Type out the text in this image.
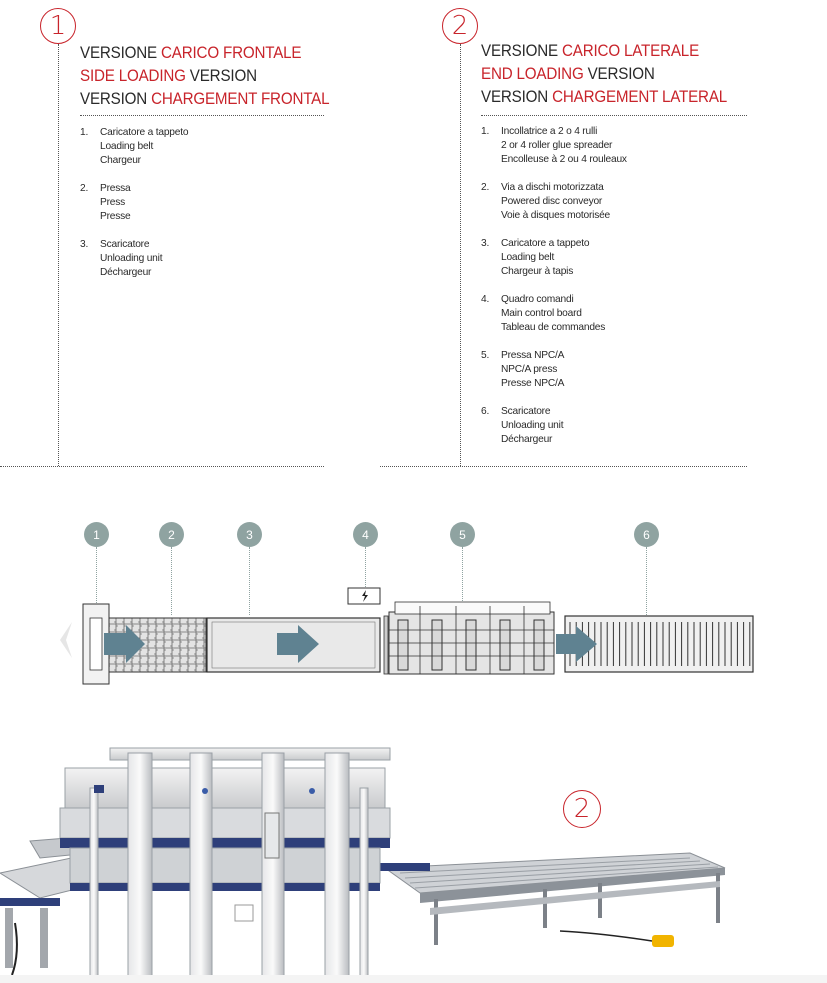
1
VERSIONE CARICO FRONTALE
SIDE LOADING VERSION
VERSION CHARGEMENT FRONTAL
1.	Caricatore a tappeto
Loading belt
Chargeur
2.	Pressa
Press
Presse
3.	Scaricatore
Unloading unit
Déchargeur
2
VERSIONE CARICO LATERALE
END LOADING VERSION
VERSION CHARGEMENT LATERAL
1.	Incollatrice a 2 o 4 rulli
2 or 4 roller glue spreader
Encolleuse à 2 ou 4 rouleaux
2.	Via a dischi motorizzata
Powered disc conveyor
Voie à disques motorisée
3.	Caricatore a tappeto
Loading belt
Chargeur à tapis
4.	Quadro comandi
Main control board
Tableau de commandes
5.	Pressa NPC/A
NPC/A press
Presse NPC/A
6.	Scaricatore
Unloading unit
Déchargeur
1	2	3	4	5	6
2
